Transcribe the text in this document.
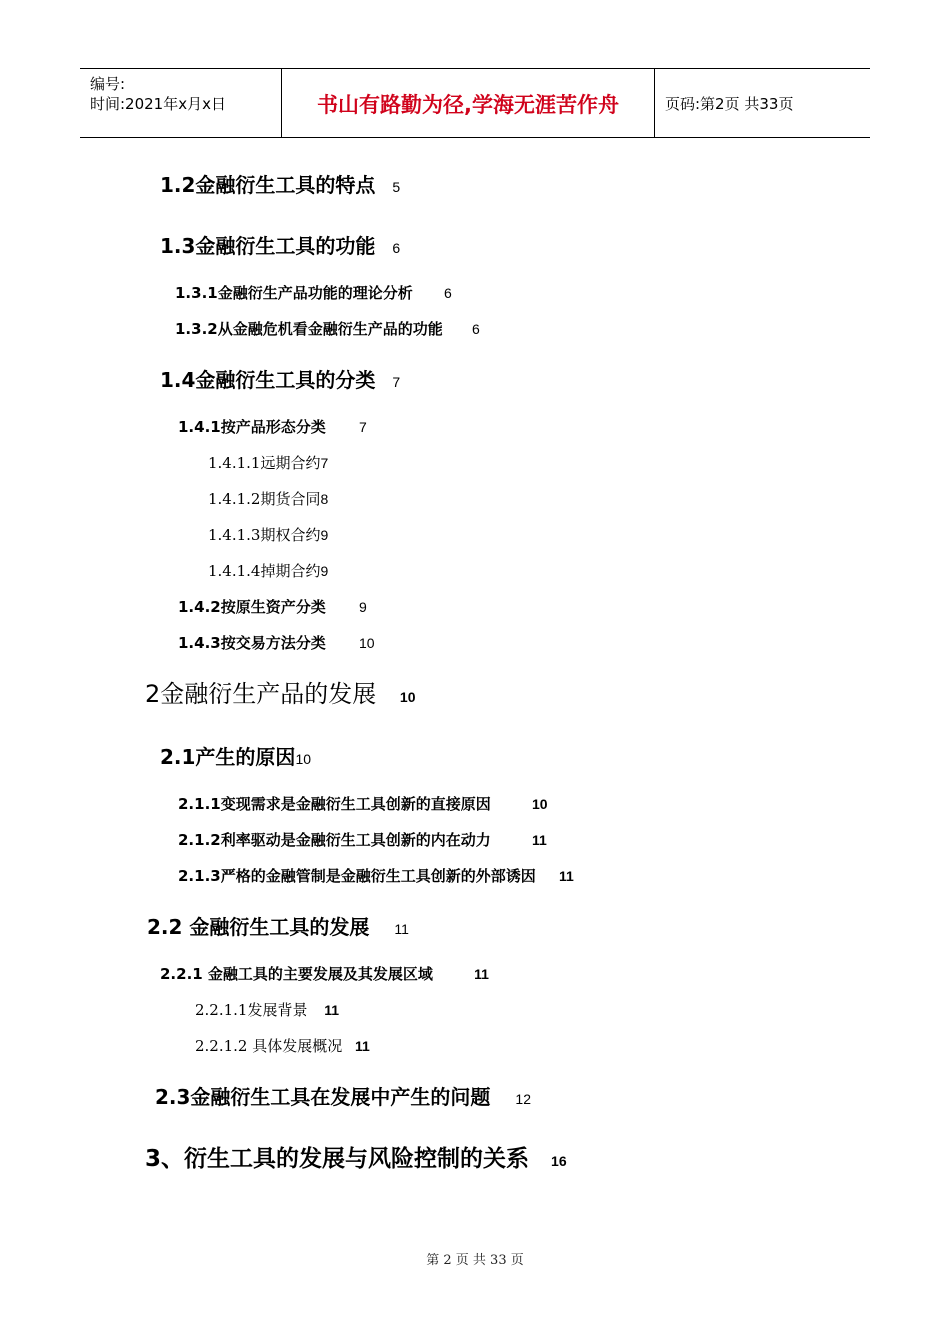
编号:
时间:2021年x月x日	书山有路勤为径,学海无涯苦作舟	页码:第2页 共33页
1.2金融衍生工具的特点 5
1.3金融衍生工具的功能 6
1.3.1金融衍生产品功能的理论分析 6
1.3.2从金融危机看金融衍生产品的功能 6
1.4金融衍生工具的分类 7
1.4.1按产品形态分类 7
1.4.1.1远期合约7
1.4.1.2期货合同8
1.4.1.3期权合约9
1.4.1.4掉期合约9
1.4.2按原生资产分类 9
1.4.3按交易方法分类 10
2金融衍生产品的发展 10
2.1产生的原因10
2.1.1变现需求是金融衍生工具创新的直接原因	10
2.1.2利率驱动是金融衍生工具创新的内在动力	11
2.1.3严格的金融管制是金融衍生工具创新的外部诱因 11
2.2 金融衍生工具的发展 11
2.2.1 金融工具的主要发展及其发展区域	11
2.2.1.1发展背景 11
2.2.1.2 具体发展概况 11
2.3金融衍生工具在发展中产生的问题 12
3、衍生工具的发展与风险控制的关系 16
第 2 页 共 33 页
